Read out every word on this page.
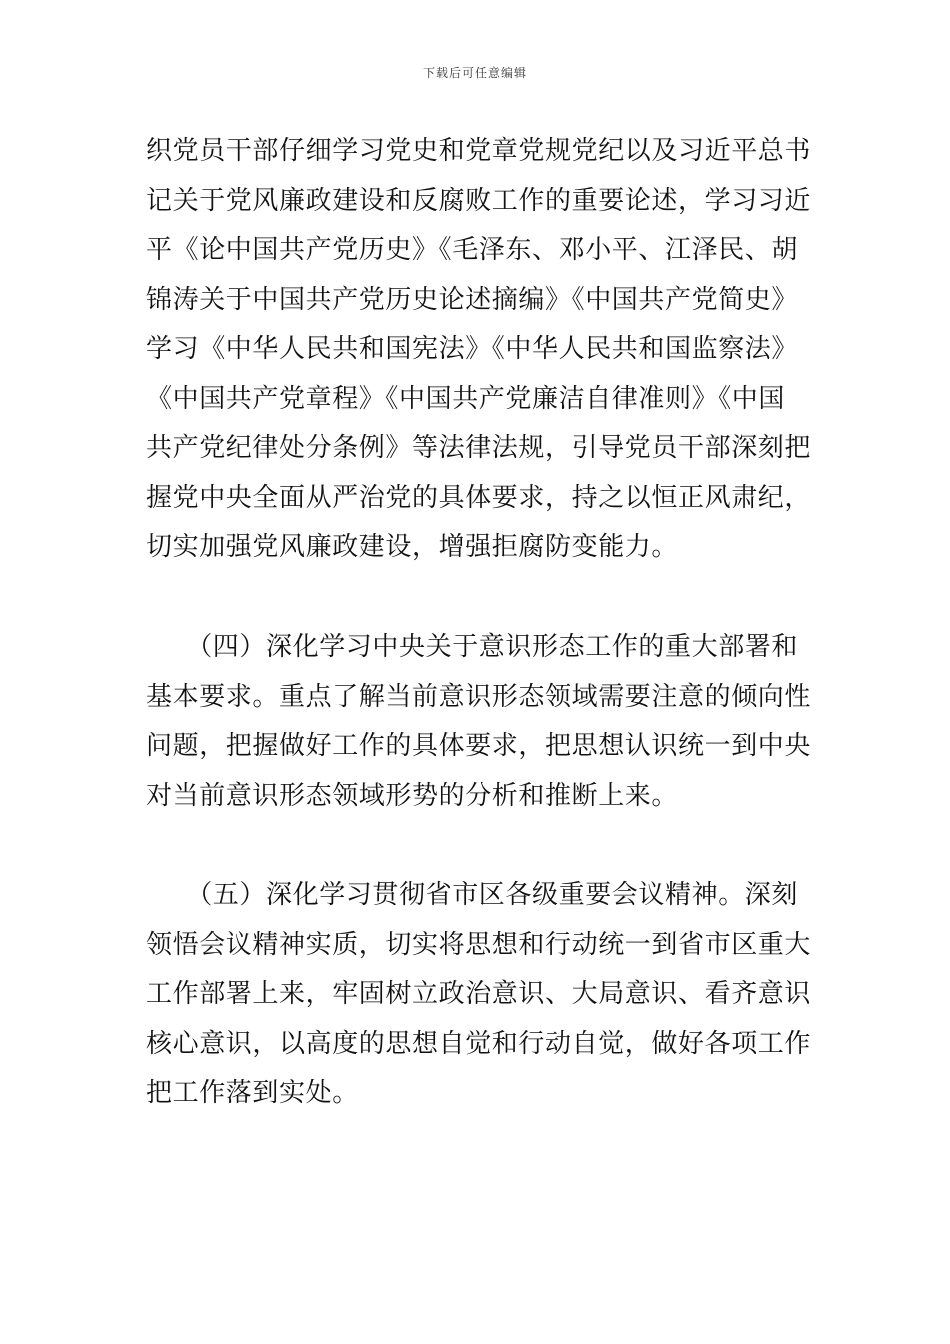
下载后可任意编辑
织党员干部仔细学习党史和党章党规党纪以及习近平总书
记关于党风廉政建设和反腐败工作的重要论述，学习习近
平《论中国共产党历史》《毛泽东、邓小平、江泽民、胡
锦涛关于中国共产党历史论述摘编》《中国共产党简史》
学习《中华人民共和国宪法》《中华人民共和国监察法》
《中国共产党章程》《中国共产党廉洁自律准则》《中国
共产党纪律处分条例》等法律法规，引导党员干部深刻把
握党中央全面从严治党的具体要求，持之以恒正风肃纪，
切实加强党风廉政建设，增强拒腐防变能力。
　　（四）深化学习中央关于意识形态工作的重大部署和
基本要求。重点了解当前意识形态领域需要注意的倾向性
问题，把握做好工作的具体要求，把思想认识统一到中央
对当前意识形态领域形势的分析和推断上来。
　　（五）深化学习贯彻省市区各级重要会议精神。深刻
领悟会议精神实质，切实将思想和行动统一到省市区重大
工作部署上来，牢固树立政治意识、大局意识、看齐意识
核心意识，以高度的思想自觉和行动自觉，做好各项工作
把工作落到实处。
